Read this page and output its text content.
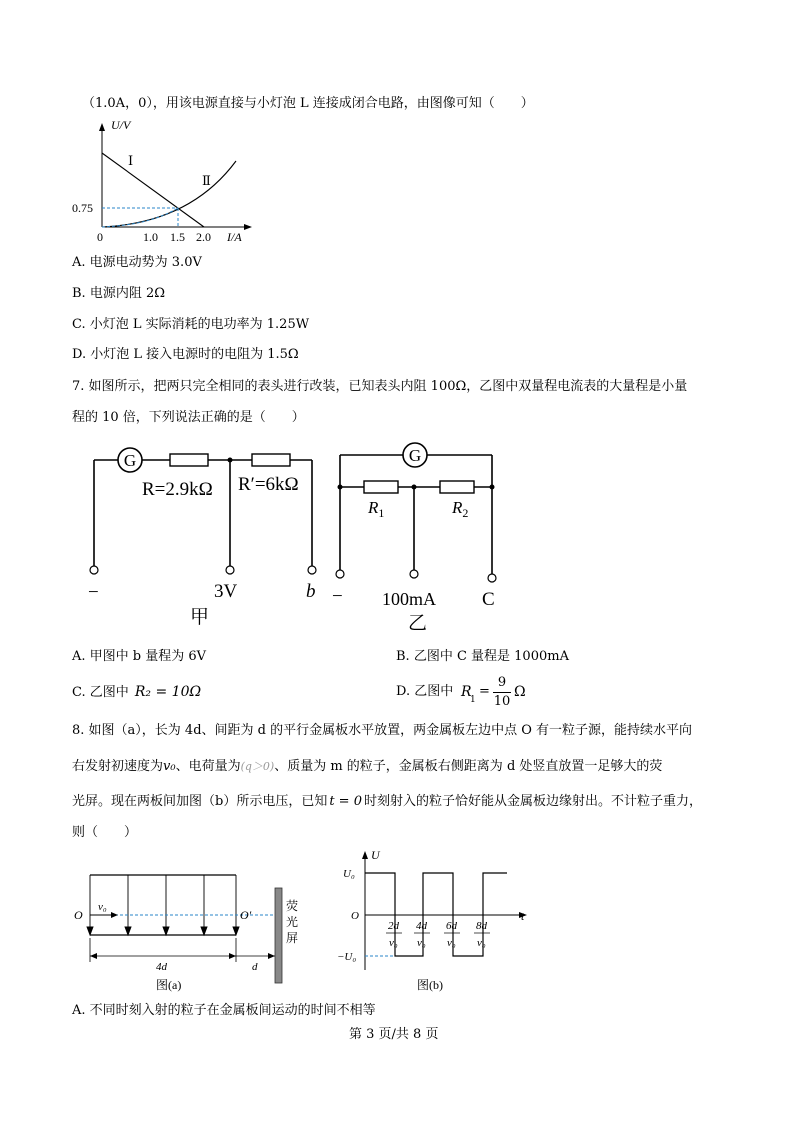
（1.0A，0），用该电源直接与小灯泡 L 连接成闭合电路，由图像可知（　　）
U/V
I/A
0
0.75
1.0 1.5 2.0
Ⅰ
Ⅱ
A. 电源电动势为 3.0V
B. 电源内阻 2Ω
C. 小灯泡 L 实际消耗的电功率为 1.25W
D. 小灯泡 L 接入电源时的电阻为 1.5Ω
7. 如图所示，把两只完全相同的表头进行改装，已知表头内阻 100Ω，乙图中双量程电流表的大量程是小量
程的 10 倍，下列说法正确的是（　　）
G
R=2.9kΩ R′=6kΩ
−	3V	b
甲
G
$R_1$	$R_2$
− 100mA C
乙
A. 甲图中 b 量程为 6V	B. 乙图中 C 量程是 1000mA
C. 乙图中 R₂ = 10Ω	D. 乙图中 R
1
=
9
10
Ω
8. 如图（a），长为 4d、间距为 d 的平行金属板水平放置，两金属板左边中点 O 有一粒子源，能持续水平向
右发射初速度为v₀、电荷量为(q＞0)、质量为 m 的粒子，金属板右侧距离为 d 处竖直放置一足够大的荧
光屏。现在两板间加图（b）所示电压，已知 t = 0 时刻射入的粒子恰好能从金属板边缘射出。不计粒子重力，
则（　　）
O	O′
v₀
4d	d
荧
光
屏
图(a)
U
t
U₀
O
−U₀
2d
v₀
4d
v₀
6d
v₀
8d
v₀
图(b)
A. 不同时刻入射的粒子在金属板间运动的时间不相等
第 3 页/共 8 页
